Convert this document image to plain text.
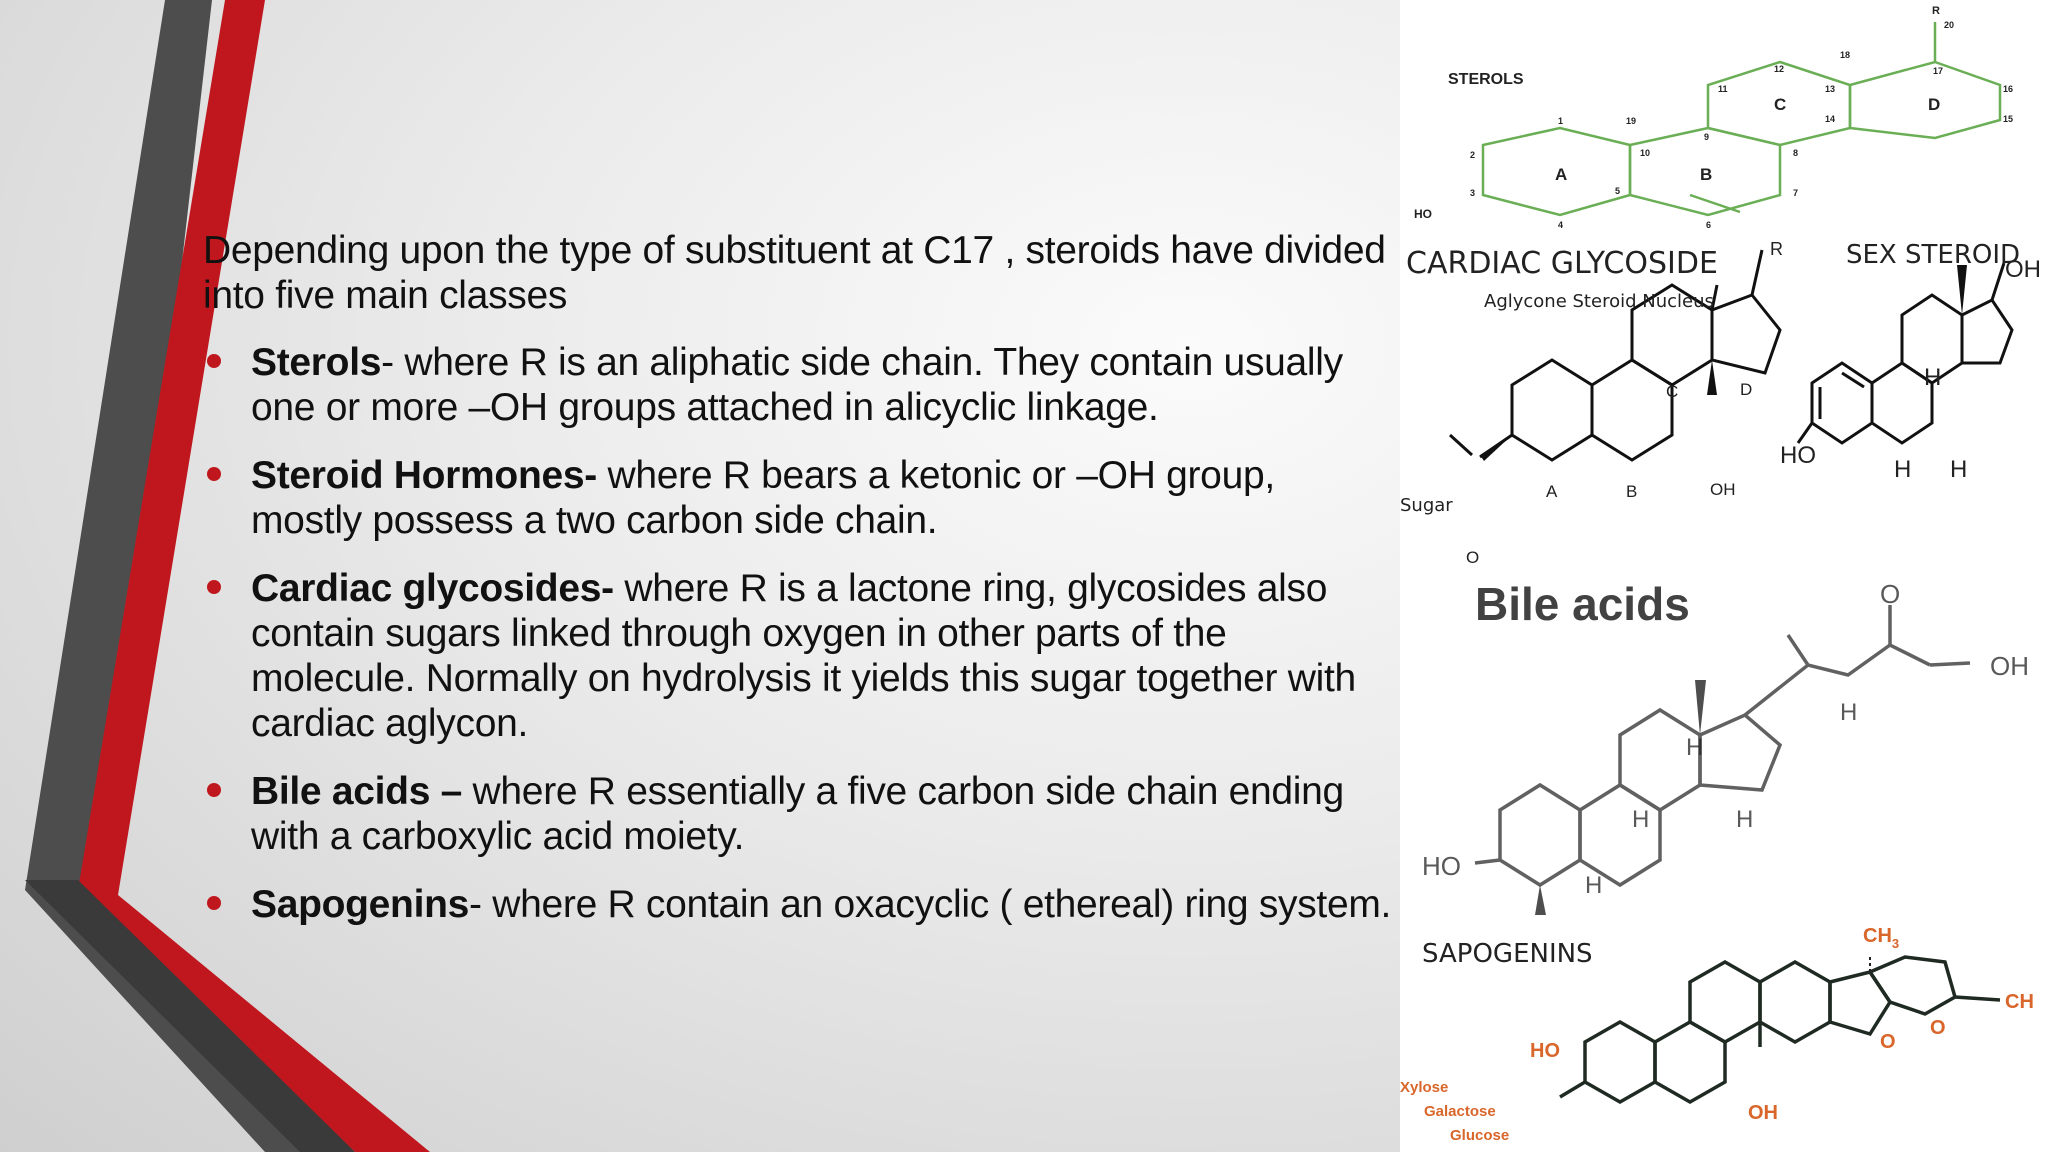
Depending upon the type of substituent at C17 , steroids have divided into five main classes

Sterols- where R is an aliphatic side chain. They contain usually one or more –OH groups attached in alicyclic linkage.
Steroid Hormones- where R bears a ketonic or –OH group, mostly possess a two carbon side chain.
Cardiac glycosides- where R is a lactone ring, glycosides also contain sugars linked through oxygen in other parts of the molecule. Normally on hydrolysis it yields this sugar together with cardiac aglycon.
Bile acids – where R essentially a five carbon side chain ending with a carboxylic acid moiety.
Sapogenins- where R contain an oxacyclic ( ethereal) ring system.
STEROLS
A	B
C	D
HO
R
1
2
3
4
5
6
7
8
9
10
11
12
13
14	15
16
17
18
19
20
CARDIAC GLYCOSIDE
Aglycone Steroid Nucleus
R
Sugar
O
OH
A	B
C	D
SEX STEROID
OH
HO
H
H H
Bile acids
HO
O
OH
H
H
H	H
H
SAPOGENINS
$CH_3$
CH
HO
OH
O
O
Xylose
Galactose
Glucose
